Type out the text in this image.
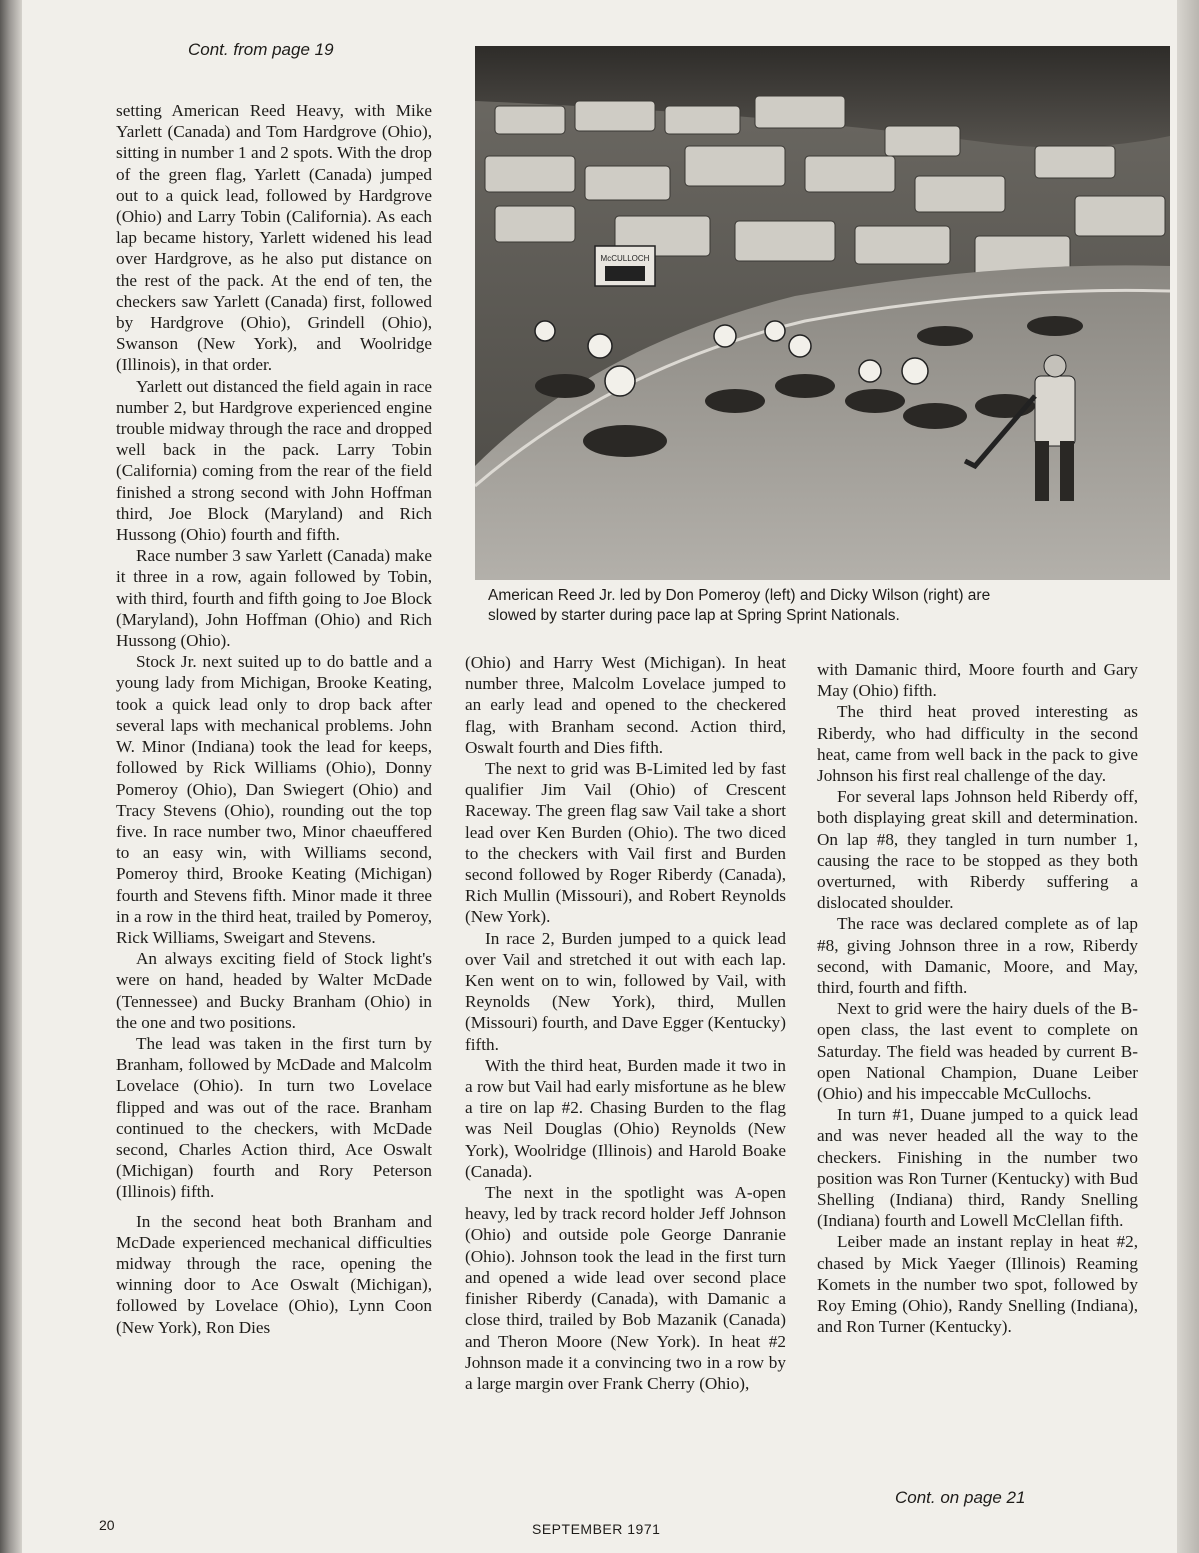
Cont. from page 19

setting American Reed Heavy, with Mike Yarlett (Canada) and Tom Hardgrove (Ohio), sitting in number 1 and 2 spots. With the drop of the green flag, Yarlett (Canada) jumped out to a quick lead, followed by Hardgrove (Ohio) and Larry Tobin (California). As each lap became history, Yarlett widened his lead over Hardgrove, as he also put distance on the rest of the pack. At the end of ten, the checkers saw Yarlett (Canada) first, followed by Hardgrove (Ohio), Grindell (Ohio), Swanson (New York), and Woolridge (Illinois), in that order.

Yarlett out distanced the field again in race number 2, but Hardgrove experienced engine trouble midway through the race and dropped well back in the pack. Larry Tobin (California) coming from the rear of the field finished a strong second with John Hoffman third, Joe Block (Maryland) and Rich Hussong (Ohio) fourth and fifth.

Race number 3 saw Yarlett (Canada) make it three in a row, again followed by Tobin, with third, fourth and fifth going to Joe Block (Maryland), John Hoffman (Ohio) and Rich Hussong (Ohio).

Stock Jr. next suited up to do battle and a young lady from Michigan, Brooke Keating, took a quick lead only to drop back after several laps with mechanical problems. John W. Minor (Indiana) took the lead for keeps, followed by Rick Williams (Ohio), Donny Pomeroy (Ohio), Dan Swiegert (Ohio) and Tracy Stevens (Ohio), rounding out the top five. In race number two, Minor chaeuffered to an easy win, with Williams second, Pomeroy third, Brooke Keating (Michigan) fourth and Stevens fifth. Minor made it three in a row in the third heat, trailed by Pomeroy, Rick Williams, Sweigart and Stevens.

An always exciting field of Stock light's were on hand, headed by Walter McDade (Tennessee) and Bucky Branham (Ohio) in the one and two positions.

The lead was taken in the first turn by Branham, followed by McDade and Malcolm Lovelace (Ohio). In turn two Lovelace flipped and was out of the race. Branham continued to the checkers, with McDade second, Charles Action third, Ace Oswalt (Michigan) fourth and Rory Peterson (Illinois) fifth.

In the second heat both Branham and McDade experienced mechanical difficulties midway through the race, opening the winning door to Ace Oswalt (Michigan), followed by Lovelace (Ohio), Lynn Coon (New York), Ron Dies

McCULLOCH
American Reed Jr. led by Don Pomeroy (left) and Dicky Wilson (right) are

slowed by starter during pace lap at Spring Sprint Nationals.

(Ohio) and Harry West (Michigan). In heat number three, Malcolm Lovelace jumped to an early lead and opened to the checkered flag, with Branham second. Action third, Oswalt fourth and Dies fifth.

The next to grid was B-Limited led by fast qualifier Jim Vail (Ohio) of Crescent Raceway. The green flag saw Vail take a short lead over Ken Burden (Ohio). The two diced to the checkers with Vail first and Burden second followed by Roger Riberdy (Canada), Rich Mullin (Missouri), and Robert Reynolds (New York).

In race 2, Burden jumped to a quick lead over Vail and stretched it out with each lap. Ken went on to win, followed by Vail, with Reynolds (New York), third, Mullen (Missouri) fourth, and Dave Egger (Kentucky) fifth.

With the third heat, Burden made it two in a row but Vail had early misfortune as he blew a tire on lap #2. Chasing Burden to the flag was Neil Douglas (Ohio) Reynolds (New York), Woolridge (Illinois) and Harold Boake (Canada).

The next in the spotlight was A-open heavy, led by track record holder Jeff Johnson (Ohio) and outside pole George Danranie (Ohio). Johnson took the lead in the first turn and opened a wide lead over second place finisher Riberdy (Canada), with Damanic a close third, trailed by Bob Mazanik (Canada) and Theron Moore (New York). In heat #2 Johnson made it a convincing two in a row by a large margin over Frank Cherry (Ohio),

with Damanic third, Moore fourth and Gary May (Ohio) fifth.

The third heat proved interesting as Riberdy, who had difficulty in the second heat, came from well back in the pack to give Johnson his first real challenge of the day.

For several laps Johnson held Riberdy off, both displaying great skill and determination. On lap #8, they tangled in turn number 1, causing the race to be stopped as they both overturned, with Riberdy suffering a dislocated shoulder.

The race was declared complete as of lap #8, giving Johnson three in a row, Riberdy second, with Damanic, Moore, and May, third, fourth and fifth.

Next to grid were the hairy duels of the B-open class, the last event to complete on Saturday. The field was headed by current B-open National Champion, Duane Leiber (Ohio) and his impeccable McCullochs.

In turn #1, Duane jumped to a quick lead and was never headed all the way to the checkers. Finishing in the number two position was Ron Turner (Kentucky) with Bud Shelling (Indiana) third, Randy Snelling (Indiana) fourth and Lowell McClellan fifth.

Leiber made an instant replay in heat #2, chased by Mick Yaeger (Illinois) Reaming Komets in the number two spot, followed by Roy Eming (Ohio), Randy Snelling (Indiana), and Ron Turner (Kentucky).

Cont. on page 21
20	SEPTEMBER 1971
